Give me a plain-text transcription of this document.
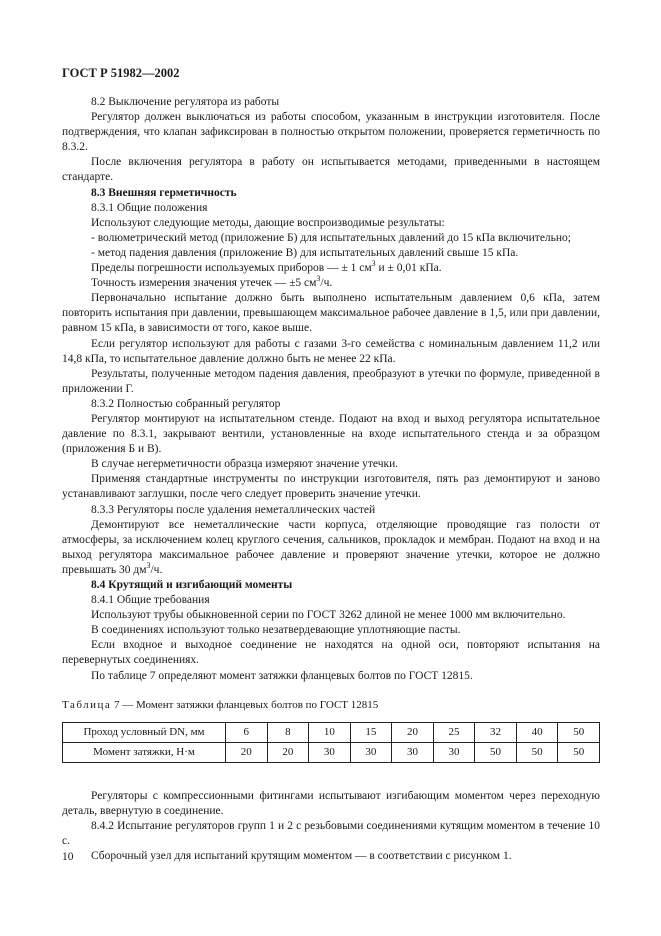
ГОСТ Р 51982—2002

8.2 Выключение регулятора из работы

Регулятор должен выключаться из работы способом, указанным в инструкции изготовителя. После подтверждения, что клапан зафиксирован в полностью открытом положении, проверяется герметичность по 8.3.2.

После включения регулятора в работу он испытывается методами, приведенными в настоящем стандарте.

8.3 Внешняя герметичность

8.3.1 Общие положения

Используют следующие методы, дающие воспроизводимые результаты:

- волюметрический метод (приложение Б) для испытательных давлений до 15 кПа включительно;

- метод падения давления (приложение В) для испытательных давлений свыше 15 кПа.

Пределы погрешности используемых приборов — ± 1 $см^3$ и ± 0,01 кПа.

Точность измерения значения утечек — ±5 $см^3/ч$.

Первоначально испытание должно быть выполнено испытательным давлением 0,6 кПа, затем повторить испытания при давлении, превышающем максимальное рабочее давление в 1,5, или при давлении, равном 15 кПа, в зависимости от того, какое выше.

Если регулятор используют для работы с газами 3-го семейства с номинальным давлением 11,2 или 14,8 кПа, то испытательное давление должно быть не менее 22 кПа.

Результаты, полученные методом падения давления, преобразуют в утечки по формуле, приведенной в приложении Г.

8.3.2 Полностью собранный регулятор

Регулятор монтируют на испытательном стенде. Подают на вход и выход регулятора испытательное давление по 8.3.1, закрывают вентили, установленные на входе испытательного стенда и за образцом (приложения Б и В).

В случае негерметичности образца измеряют значение утечки.

Применяя стандартные инструменты по инструкции изготовителя, пять раз демонтируют и заново устанавливают заглушки, после чего следует проверить значение утечки.

8.3.3 Регуляторы после удаления неметаллических частей

Демонтируют все неметаллические части корпуса, отделяющие проводящие газ полости от атмосферы, за исключением колец круглого сечения, сальников, прокладок и мембран. Подают на вход и на выход регулятора максимальное рабочее давление и проверяют значение утечки, которое не должно превышать 30 $дм^3/ч$.

8.4 Крутящий и изгибающий моменты

8.4.1 Общие требования

Используют трубы обыкновенной серии по ГОСТ 3262 длиной не менее 1000 мм включительно.

В соединениях используют только незатвердевающие уплотняющие пасты.

Если входное и выходное соединение не находятся на одной оси, повторяют испытания на перевернутых соединениях.

По таблице 7 определяют момент затяжки фланцевых болтов по ГОСТ 12815.

Таблица 7 — Момент затяжки фланцевых болтов по ГОСТ 12815

Проход условный DN, мм	6	8	10	15	20	25	32	40	50
Момент затяжки, Н·м	20	20	30	30	30	30	50	50	50

Регуляторы с компрессионными фитингами испытывают изгибающим моментом через переходную деталь, ввернутую в соединение.

8.4.2 Испытание регуляторов групп 1 и 2 с резьбовыми соединениями кутящим моментом в течение 10 с.

Сборочный узел для испытаний крутящим моментом — в соответствии с рисунком 1.

10
